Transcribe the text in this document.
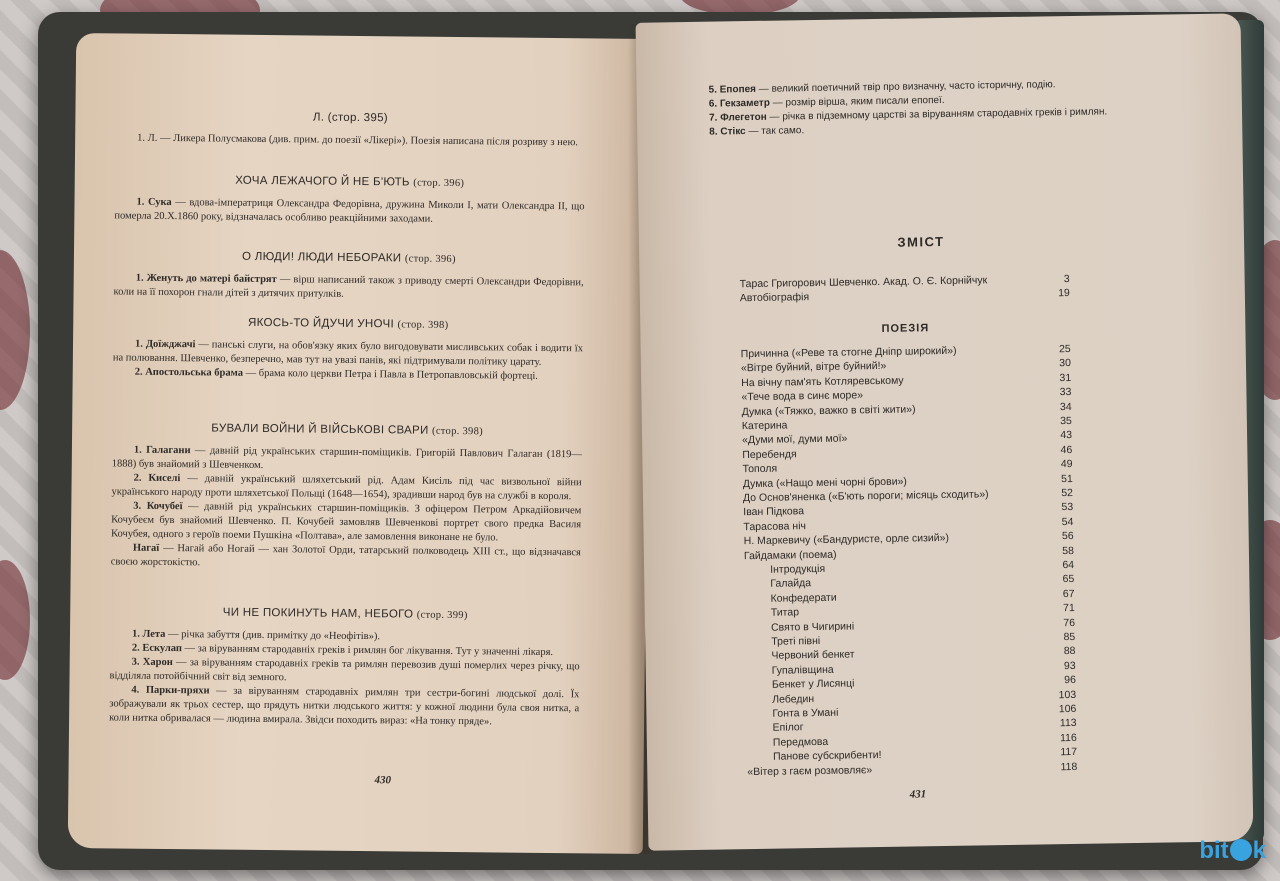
Л. (стор. 395)

1. Л. — Ликера Полусмакова (див. прим. до поезії «Лікері»). Поезія написана після розриву з нею.

ХОЧА ЛЕЖАЧОГО Й НЕ Б'ЮТЬ (стор. 396)

1. Сука — вдова-імператриця Олександра Федорівна, дружина Миколи І, мати Олександра II, що померла 20.X.1860 року, відзначалась особливо реакційними заходами.

О ЛЮДИ! ЛЮДИ НЕБОРАКИ (стор. 396)

1. Женуть до матері байстрят — вірш написаний також з приводу смерті Олександри Федорівни, коли на її похорон гнали дітей з дитячих притулків.

ЯКОСЬ-ТО ЙДУЧИ УНОЧІ (стор. 398)

1. Доїжджачі — панські слуги, на обов'язку яких було вигодовувати мисливських собак і водити їх на полювання. Шевченко, безперечно, мав тут на увазі панів, які підтримували політику царату.

2. Апостольська брама — брама коло церкви Петра і Павла в Петропавловській фортеці.

БУВАЛИ ВОЙНИ Й ВІЙСЬКОВІ СВАРИ (стор. 398)

1. Галагани — давній рід українських старшин-поміщиків. Григорій Павлович Галаган (1819—1888) був знайомий з Шевченком.

2. Киселі — давній український шляхетський рід. Адам Кисіль під час визвольної війни українського народу проти шляхетської Польщі (1648—1654), зрадивши народ був на службі в короля.

3. Кочубеї — давній рід українських старшин-поміщиків. З офіцером Петром Аркадійовичем Кочубеєм був знайомий Шевченко. П. Кочубей замовляв Шевченкові портрет свого предка Василя Кочубея, одного з героїв поеми Пушкіна «Полтава», але замовлення виконане не було.

Нагаї — Нагай або Ногай — хан Золотої Орди, татарський полководець XIII ст., що відзначався своєю жорстокістю.

ЧИ НЕ ПОКИНУТЬ НАМ, НЕБОГО (стор. 399)

1. Лета — річка забуття (див. примітку до «Неофітів»).

2. Ескулап — за віруванням стародавніх греків і римлян бог лікування. Тут у значенні лікаря.

3. Харон — за віруванням стародавніх греків та римлян перевозив душі померлих через річку, що відділяла потойбічний світ від земного.

4. Парки-пряхи — за віруванням стародавніх римлян три сестри-богині людської долі. Їх зображували як трьох сестер, що прядуть нитки людського життя: у кожної людини була своя нитка, а коли нитка обривалася — людина вмирала. Звідси походить вираз: «На тонку пряде».

430

5. Епопея — великий поетичний твір про визначну, часто історичну, подію.

6. Гекзаметр — розмір вірша, яким писали епопеї.

7. Флегетон — річка в підземному царстві за віруванням стародавніх греків і римлян.

8. Стікс — так само.

ЗМІСТ
Тарас Григорович Шевченко. Акад. О. Є. Корнійчук	3
Автобіографія	19
ПОЕЗІЯ
Причинна («Реве та стогне Дніпр широкий»)	25
«Вітре буйний, вітре буйний!»	30
На вічну пам'ять Котляревському	31
«Тече вода в синє море»	33
Думка («Тяжко, важко в світі жити»)	34
Катерина	35
«Думи мої, думи мої»	43
Перебендя	46
Тополя	49
Думка («Нащо мені чорні брови»)	51
До Основ'яненка («Б'ють пороги; місяць сходить»)	52
Іван Підкова	53
Тарасова ніч	54
Н. Маркевичу («Бандуристе, орле сизий»)	56
Гайдамаки (поема)	58
Інтродукція	64
Галайда	65
Конфедерати	67
Титар	71
Свято в Чигирині	76
Треті півні	85
Червоний бенкет	88
Гупалівщина	93
Бенкет у Лисянці	96
Лебедин	103
Гонта в Умані	106
Епілог	113
Передмова	116
Панове субскрибенти!	117
«Вітер з гаєм розмовляє»	118
431
bit k
